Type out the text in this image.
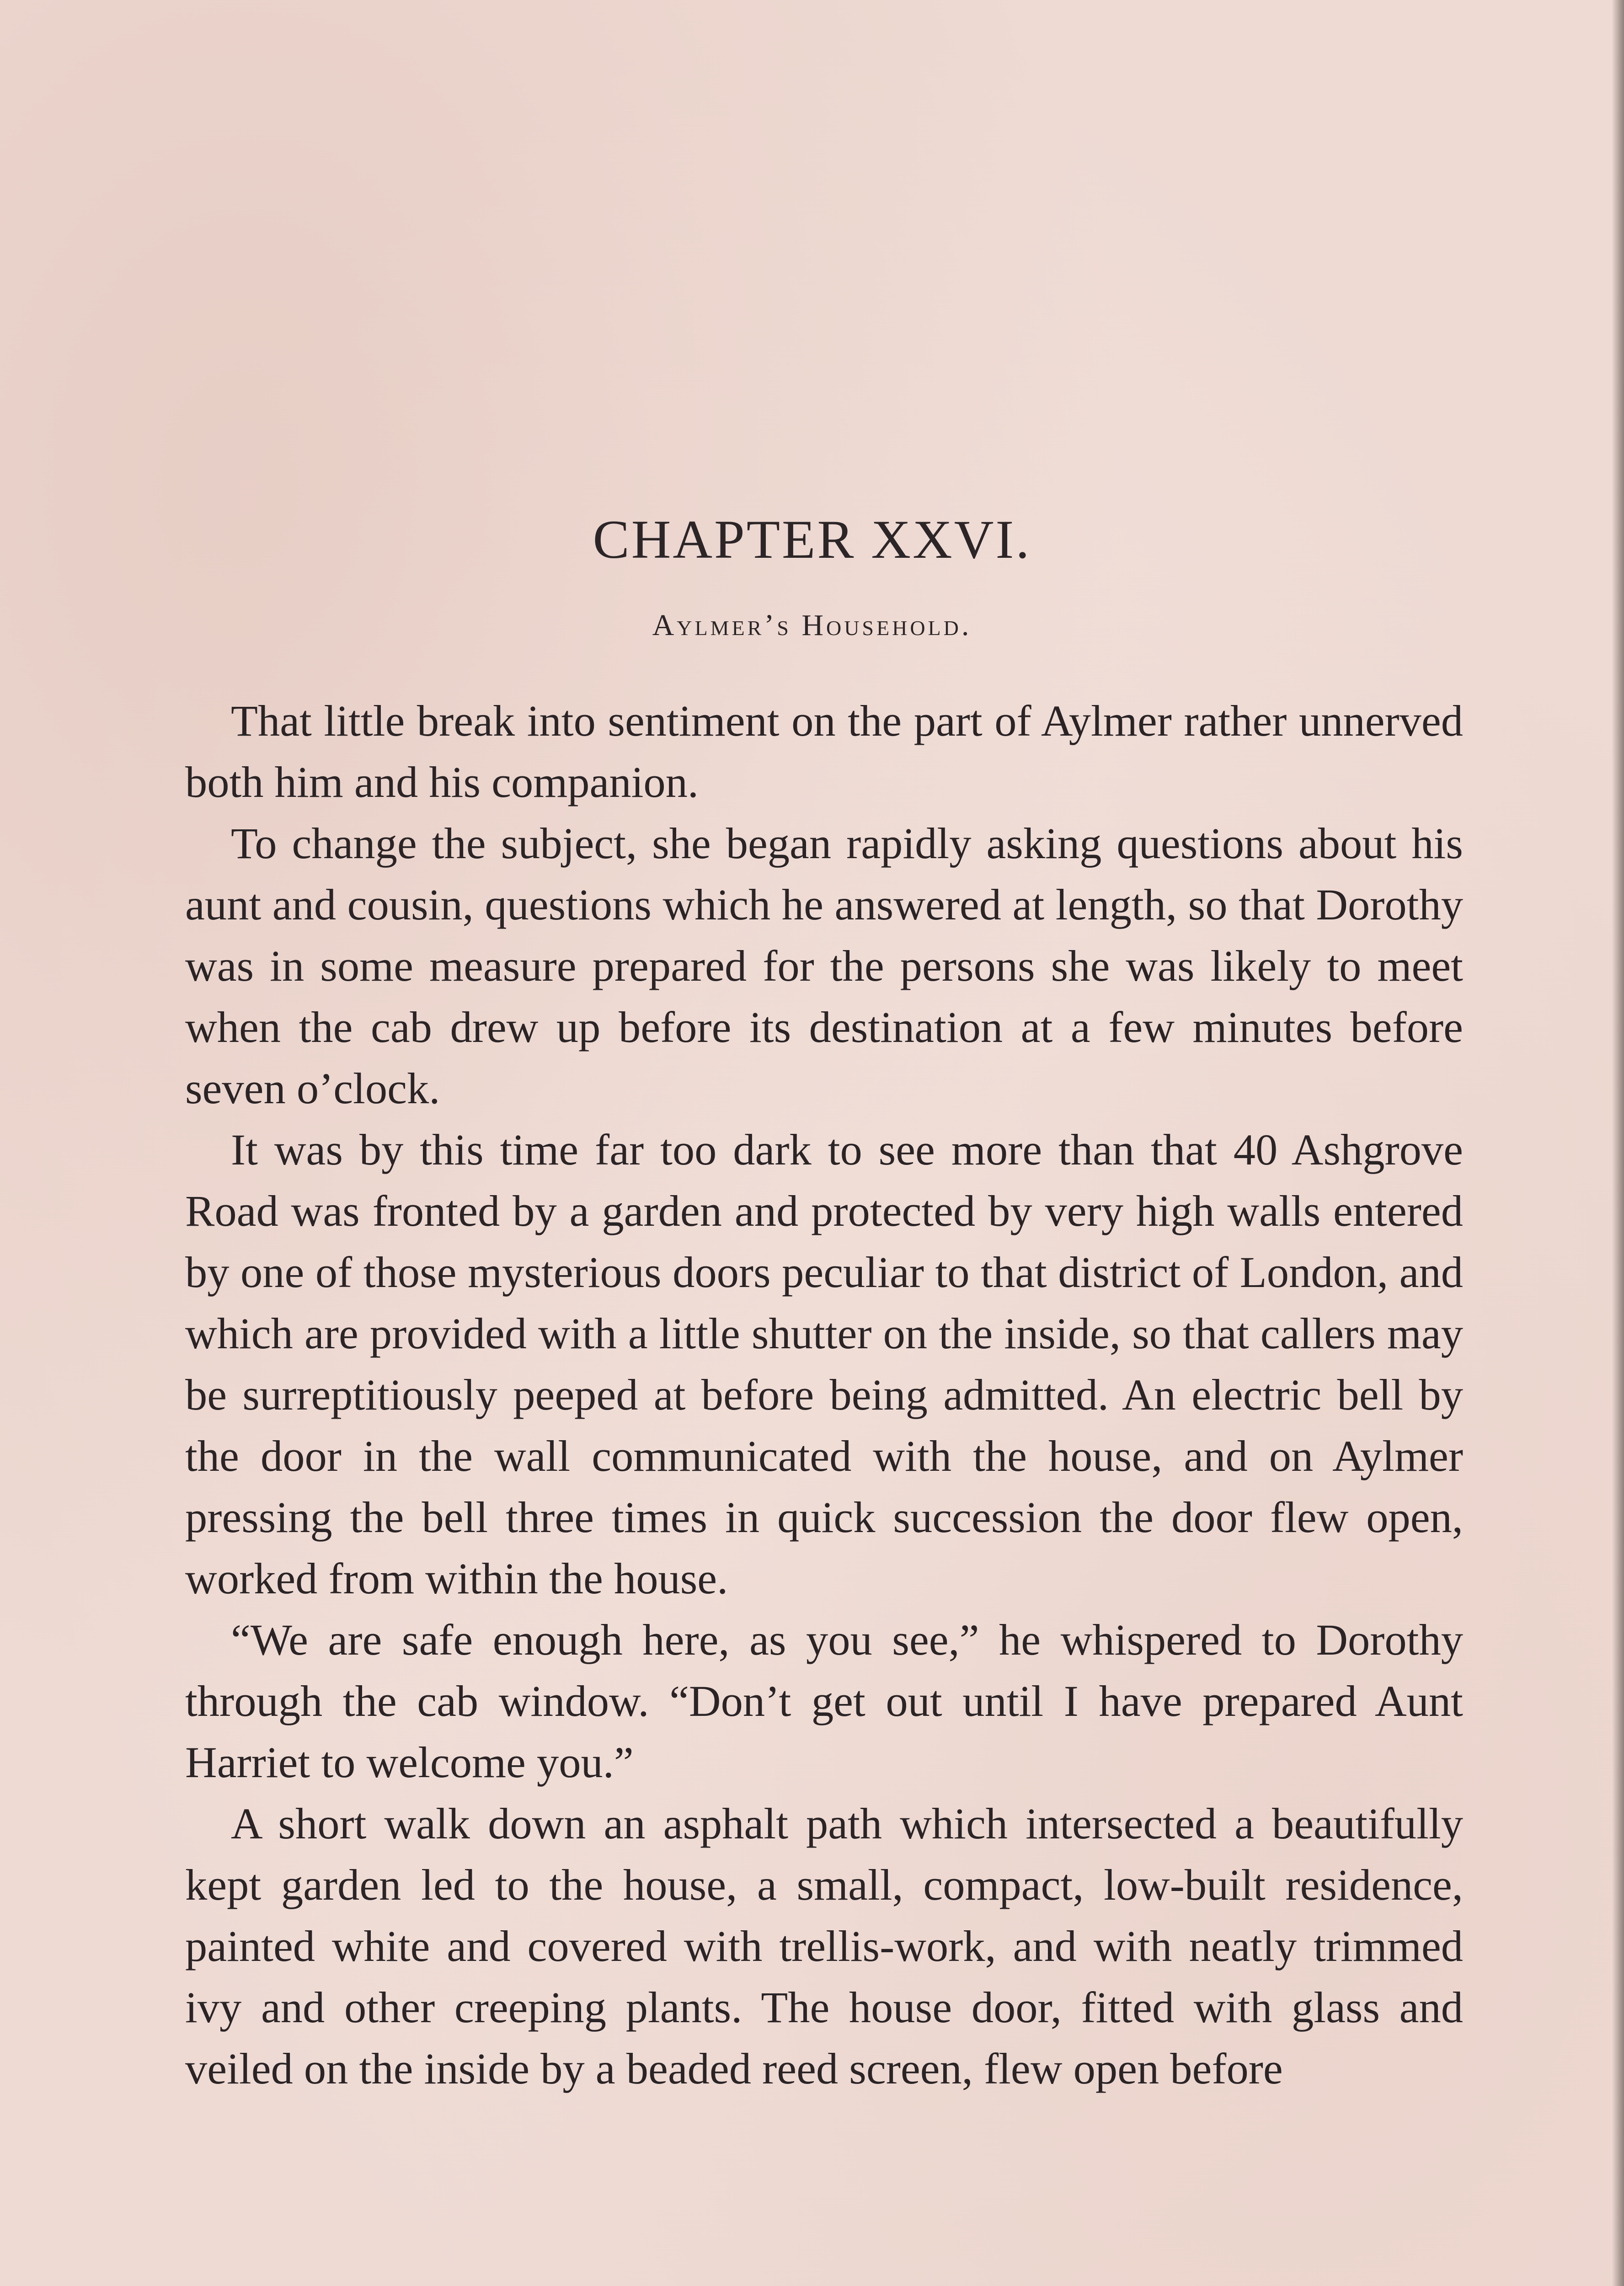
CHAPTER XXVI.
Aylmer’s Household.

That little break into sentiment on the part of Aylmer rather unnerved both him and his companion.

To change the subject, she began rapidly asking questions about his aunt and cousin, questions which he answered at length, so that Dorothy was in some measure prepared for the persons she was likely to meet when the cab drew up before its destination at a few minutes before seven o’clock.

It was by this time far too dark to see more than that 40 Ashgrove Road was fronted by a garden and protected by very high walls entered by one of those mysterious doors peculiar to that district of London, and which are provided with a little shutter on the inside, so that callers may be surreptitiously peeped at before being admitted. An electric bell by the door in the wall communicated with the house, and on Aylmer pressing the bell three times in quick succession the door flew open, worked from within the house.

“We are safe enough here, as you see,” he whispered to Dorothy through the cab window. “Don’t get out until I have prepared Aunt Harriet to welcome you.”

A short walk down an asphalt path which intersected a beautifully kept garden led to the house, a small, compact, low-built residence, painted white and covered with trellis-work, and with neatly trimmed ivy and other creeping plants. The house door, fitted with glass and veiled on the inside by a beaded reed screen, flew open before
